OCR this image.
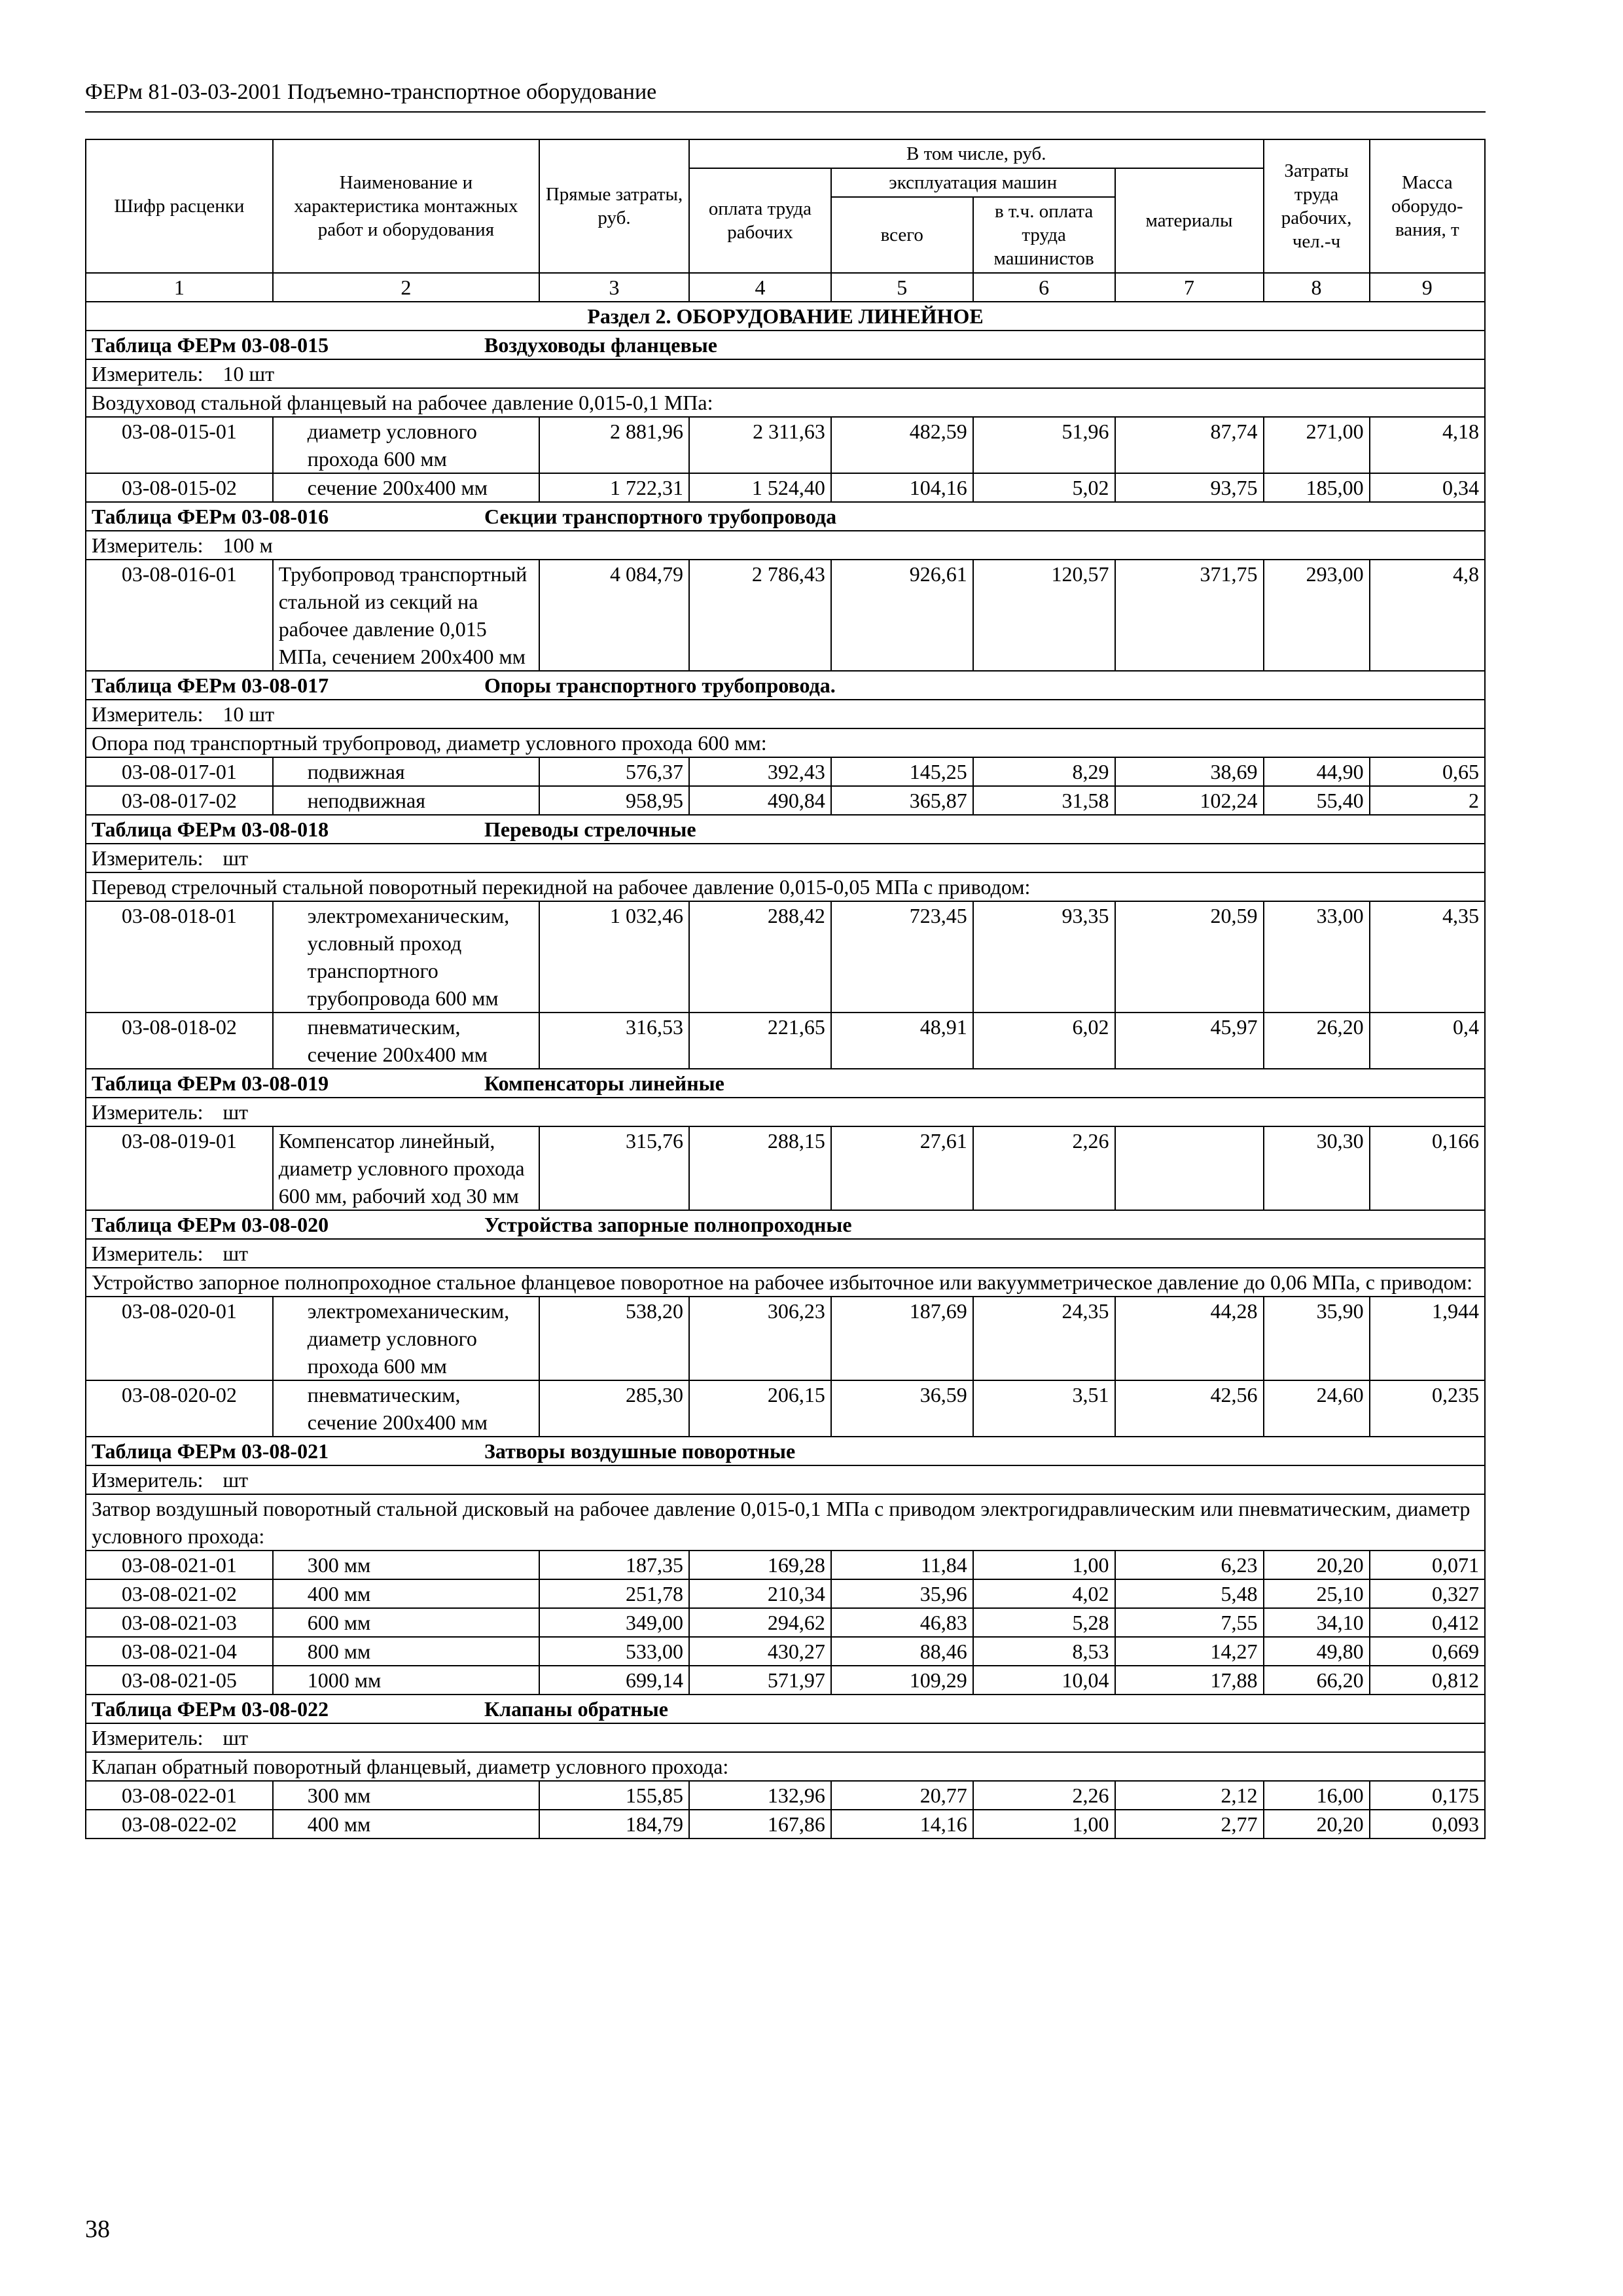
ФЕРм 81-03-03-2001 Подъемно-транспортное оборудование
Шифр расценки	Наименование и характеристика монтажных работ и оборудования	Прямые затраты, руб.	В том числе, руб.				Затраты труда рабочих, чел.-ч	Масса оборудо-вания, т
			оплата труда рабочих	эксплуатация машин		материалы		
				всего	в т.ч. оплата труда машинистов			
1	2	3	4	5	6	7	8	9
Раздел 2. ОБОРУДОВАНИЕ ЛИНЕЙНОЕ								
Таблица ФЕРм 03-08-015 Воздуховоды фланцевые								
Измеритель: 10 шт								
Воздуховод стальной фланцевый на рабочее давление 0,015-0,1 МПа:								
03-08-015-01	диаметр условного прохода 600 мм	2 881,96	2 311,63	482,59	51,96	87,74	271,00	4,18
03-08-015-02	сечение 200х400 мм	1 722,31	1 524,40	104,16	5,02	93,75	185,00	0,34
Таблица ФЕРм 03-08-016 Секции транспортного трубопровода								
Измеритель: 100 м								
03-08-016-01	Трубопровод транспортный стальной из секций на рабочее давление 0,015 МПа, сечением 200х400 мм	4 084,79	2 786,43	926,61	120,57	371,75	293,00	4,8
Таблица ФЕРм 03-08-017 Опоры транспортного трубопровода.								
Измеритель: 10 шт								
Опора под транспортный трубопровод, диаметр условного прохода 600 мм:								
03-08-017-01	подвижная	576,37	392,43	145,25	8,29	38,69	44,90	0,65
03-08-017-02	неподвижная	958,95	490,84	365,87	31,58	102,24	55,40	2
Таблица ФЕРм 03-08-018 Переводы стрелочные								
Измеритель: шт								
Перевод стрелочный стальной поворотный перекидной на рабочее давление 0,015-0,05 МПа с приводом:								
03-08-018-01	электромеханическим, условный проход транспортного трубопровода 600 мм	1 032,46	288,42	723,45	93,35	20,59	33,00	4,35
03-08-018-02	пневматическим, сечение 200х400 мм	316,53	221,65	48,91	6,02	45,97	26,20	0,4
Таблица ФЕРм 03-08-019 Компенсаторы линейные								
Измеритель: шт								
03-08-019-01	Компенсатор линейный, диаметр условного прохода 600 мм, рабочий ход 30 мм	315,76	288,15	27,61	2,26		30,30	0,166
Таблица ФЕРм 03-08-020 Устройства запорные полнопроходные								
Измеритель: шт								
Устройство запорное полнопроходное стальное фланцевое поворотное на рабочее избыточное или вакуумметрическое давление до 0,06 МПа, с приводом:								
03-08-020-01	электромеханическим, диаметр условного прохода 600 мм	538,20	306,23	187,69	24,35	44,28	35,90	1,944
03-08-020-02	пневматическим, сечение 200х400 мм	285,30	206,15	36,59	3,51	42,56	24,60	0,235
Таблица ФЕРм 03-08-021 Затворы воздушные поворотные								
Измеритель: шт								
Затвор воздушный поворотный стальной дисковый на рабочее давление 0,015-0,1 МПа с приводом электрогидравлическим или пневматическим, диаметр условного прохода:								
03-08-021-01	300 мм	187,35	169,28	11,84	1,00	6,23	20,20	0,071
03-08-021-02	400 мм	251,78	210,34	35,96	4,02	5,48	25,10	0,327
03-08-021-03	600 мм	349,00	294,62	46,83	5,28	7,55	34,10	0,412
03-08-021-04	800 мм	533,00	430,27	88,46	8,53	14,27	49,80	0,669
03-08-021-05	1000 мм	699,14	571,97	109,29	10,04	17,88	66,20	0,812
Таблица ФЕРм 03-08-022 Клапаны обратные								
Измеритель: шт								
Клапан обратный поворотный фланцевый, диаметр условного прохода:								
03-08-022-01	300 мм	155,85	132,96	20,77	2,26	2,12	16,00	0,175
03-08-022-02	400 мм	184,79	167,86	14,16	1,00	2,77	20,20	0,093
38
